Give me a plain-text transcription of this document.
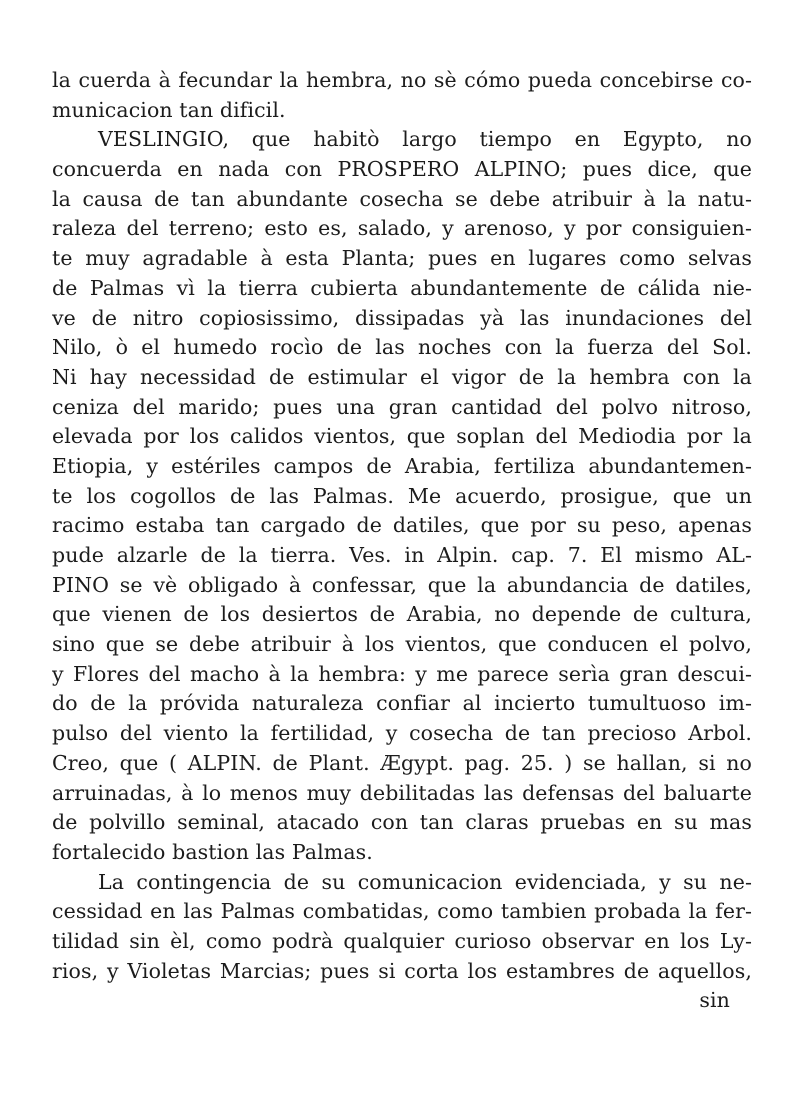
la cuerda à fecundar la hembra, no sè cómo pueda concebirse co-
municacion tan dificil.
VESLINGIO, que habitò largo tiempo en Egypto, no
concuerda en nada con PROSPERO ALPINO; pues dice, que
la causa de tan abundante cosecha se debe atribuir à la natu-
raleza del terreno; esto es, salado, y arenoso, y por consiguien-
te muy agradable à esta Planta; pues en lugares como selvas
de Palmas vì la tierra cubierta abundantemente de cálida nie-
ve de nitro copiosissimo, dissipadas yà las inundaciones del
Nilo, ò el humedo rocìo de las noches con la fuerza del Sol.
Ni hay necessidad de estimular el vigor de la hembra con la
ceniza del marido; pues una gran cantidad del polvo nitroso,
elevada por los calidos vientos, que soplan del Mediodia por la
Etiopia, y estériles campos de Arabia, fertiliza abundantemen-
te los cogollos de las Palmas. Me acuerdo, prosigue, que un
racimo estaba tan cargado de datiles, que por su peso, apenas
pude alzarle de la tierra. Ves. in Alpin. cap. 7. El mismo AL-
PINO se vè obligado à confessar, que la abundancia de datiles,
que vienen de los desiertos de Arabia, no depende de cultura,
sino que se debe atribuir à los vientos, que conducen el polvo,
y Flores del macho à la hembra: y me parece serìa gran descui-
do de la próvida naturaleza confiar al incierto tumultuoso im-
pulso del viento la fertilidad, y cosecha de tan precioso Arbol.
Creo, que ( ALPIN. de Plant. Ægypt. pag. 25. ) se hallan, si no
arruinadas, à lo menos muy debilitadas las defensas del baluarte
de polvillo seminal, atacado con tan claras pruebas en su mas
fortalecido bastion las Palmas.
La contingencia de su comunicacion evidenciada, y su ne-
cessidad en las Palmas combatidas, como tambien probada la fer-
tilidad sin èl, como podrà qualquier curioso observar en los Ly-
rios, y Violetas Marcias; pues si corta los estambres de aquellos,
sin
